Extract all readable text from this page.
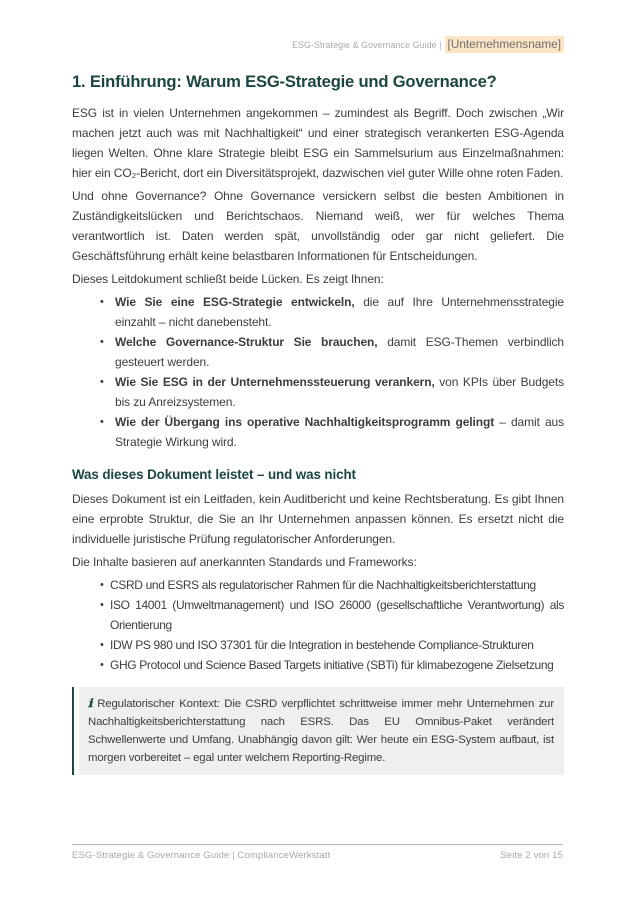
ESG-Strategie & Governance Guide | [Unternehmensname]
1. Einführung: Warum ESG-Strategie und Governance?

ESG ist in vielen Unternehmen angekommen – zumindest als Begriff. Doch zwischen „Wir machen jetzt auch was mit Nachhaltigkeit“ und einer strategisch verankerten ESG-Agenda liegen Welten. Ohne klare Strategie bleibt ESG ein Sammelsurium aus Einzelmaßnahmen: hier ein CO₂-Bericht, dort ein Diversitätsprojekt, dazwischen viel guter Wille ohne roten Faden.

Und ohne Governance? Ohne Governance versickern selbst die besten Ambitionen in Zuständigkeitslücken und Berichtschaos. Niemand weiß, wer für welches Thema verantwortlich ist. Daten werden spät, unvollständig oder gar nicht geliefert. Die Geschäftsführung erhält keine belastbaren Informationen für Entscheidungen.

Dieses Leitdokument schließt beide Lücken. Es zeigt Ihnen:

• Wie Sie eine ESG-Strategie entwickeln, die auf Ihre Unternehmensstrategie einzahlt – nicht danebensteht.
• Welche Governance-Struktur Sie brauchen, damit ESG-Themen verbindlich gesteuert werden.
• Wie Sie ESG in der Unternehmenssteuerung verankern, von KPIs über Budgets bis zu Anreizsystemen.
• Wie der Übergang ins operative Nachhaltigkeitsprogramm gelingt – damit aus Strategie Wirkung wird.
Was dieses Dokument leistet – und was nicht

Dieses Dokument ist ein Leitfaden, kein Auditbericht und keine Rechtsberatung. Es gibt Ihnen eine erprobte Struktur, die Sie an Ihr Unternehmen anpassen können. Es ersetzt nicht die individuelle juristische Prüfung regulatorischer Anforderungen.

Die Inhalte basieren auf anerkannten Standards und Frameworks:

• CSRD und ESRS als regulatorischer Rahmen für die Nachhaltigkeitsberichterstattung
• ISO 14001 (Umweltmanagement) und ISO 26000 (gesellschaftliche Verantwortung) als Orientierung
• IDW PS 980 und ISO 37301 für die Integration in bestehende Compliance-Strukturen
• GHG Protocol und Science Based Targets initiative (SBTi) für klimabezogene Zielsetzung
ℹ Regulatorischer Kontext: Die CSRD verpflichtet schrittweise immer mehr Unternehmen zur Nachhaltigkeitsberichterstattung nach ESRS. Das EU Omnibus-Paket verändert Schwellenwerte und Umfang. Unabhängig davon gilt: Wer heute ein ESG-System aufbaut, ist morgen vorbereitet – egal unter welchem Reporting-Regime.
ESG-Strategie & Governance Guide | ComplianceWerkstatt	Seite 2 von 15
